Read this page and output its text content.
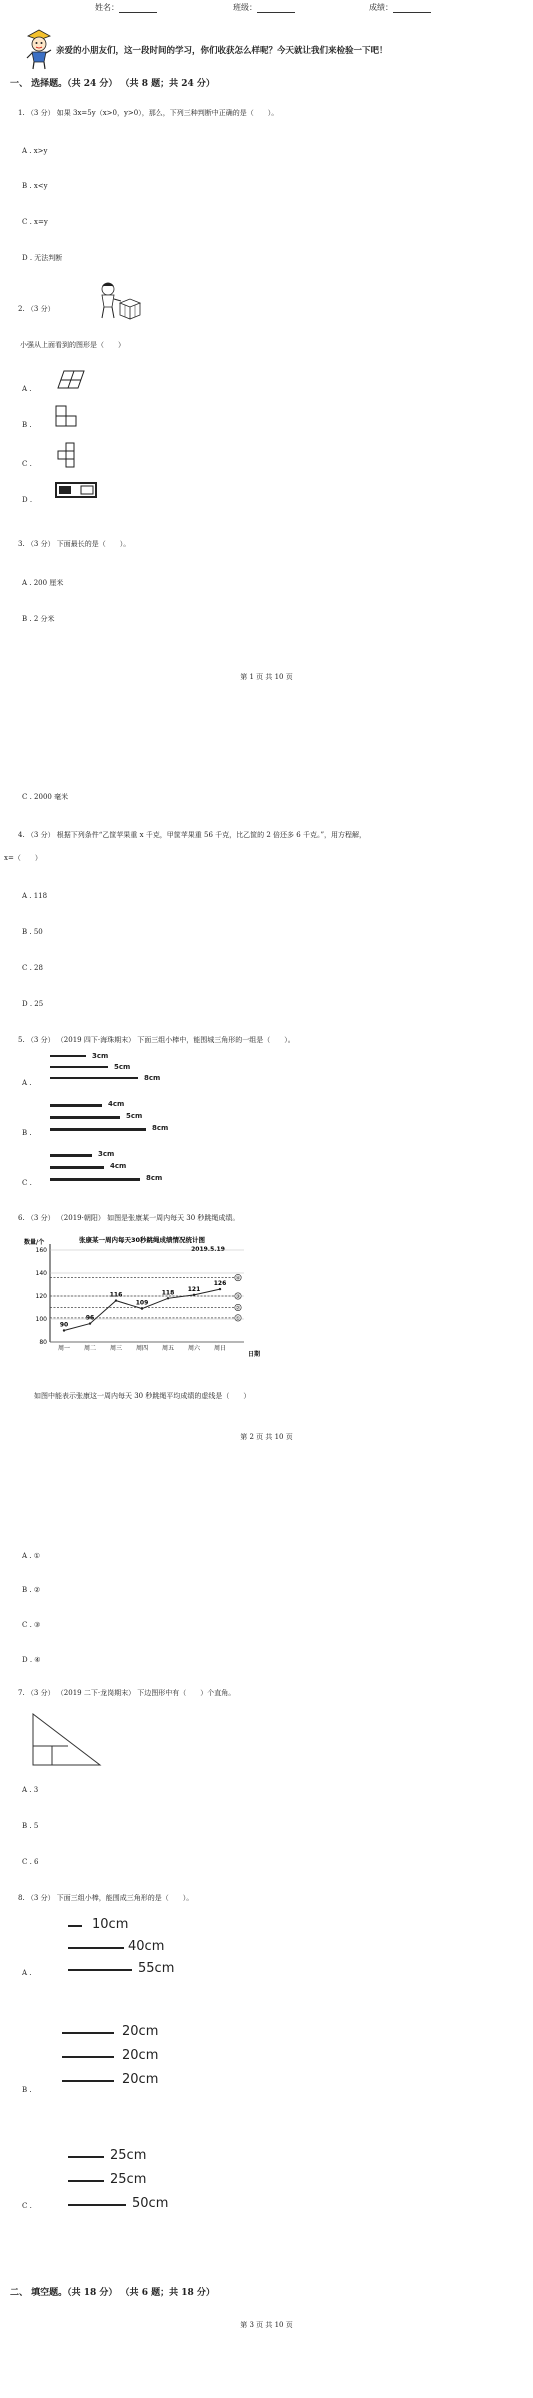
姓名：	班级：	成绩：
亲爱的小朋友们，这一段时间的学习，你们收获怎么样呢？今天就让我们来检验一下吧！
一、 选择题。（共 24 分） （共 8 题；共 24 分）
1. （3 分） 如果 3x=5y（x>0，y>0），那么，下列三种判断中正确的是（　　）。
A . x>y
B . x<y
C . x=y
D . 无法判断
2. （3 分）
小强从上面看到的图形是（　　）
A .
B .
C .
D .
3. （3 分） 下面最长的是（　　）。
A . 200 厘米
B . 2 分米
第 1 页 共 10 页
C . 2000 毫米
4. （3 分） 根据下列条件“乙筐苹果重 x 千克，甲筐苹果重 56 千克，比乙筐的 2 倍还多 6 千克。”，用方程解，
x=（　　）
A . 118
B . 50
C . 28
D . 25
5. （3 分） （2019 四下·海珠期末） 下面三组小棒中，能围城三角形的一组是（　　）。
A .
3cm
5cm
8cm
B .
4cm
5cm
8cm
C .
3cm
4cm
8cm
6. （3 分） （2019·朝阳） 如图是张康某一周内每天 30 秒跳绳成绩。
张康某一周内每天30秒跳绳成绩情况统计图
2019.5.19
数量/个
日期
①
②
③
④
90
96
116
109
118 121
126
80
100
120
140
160
周一 周二 周三 周四 周五 周六 周日
如图中能表示张康这一周内每天 30 秒跳绳平均成绩的虚线是（　　）
第 2 页 共 10 页
A . ①
B . ②
C . ③
D . ④
7. （3 分） （2019 二下·龙岗期末） 下边图形中有（　　）个直角。
A . 3
B . 5
C . 6
8. （3 分） 下面三组小棒，能围成三角形的是（　　）。
A .
10cm
40cm
55cm
B .
20cm
20cm
20cm
C .
25cm
25cm
50cm
二、 填空题。（共 18 分） （共 6 题；共 18 分）
第 3 页 共 10 页
